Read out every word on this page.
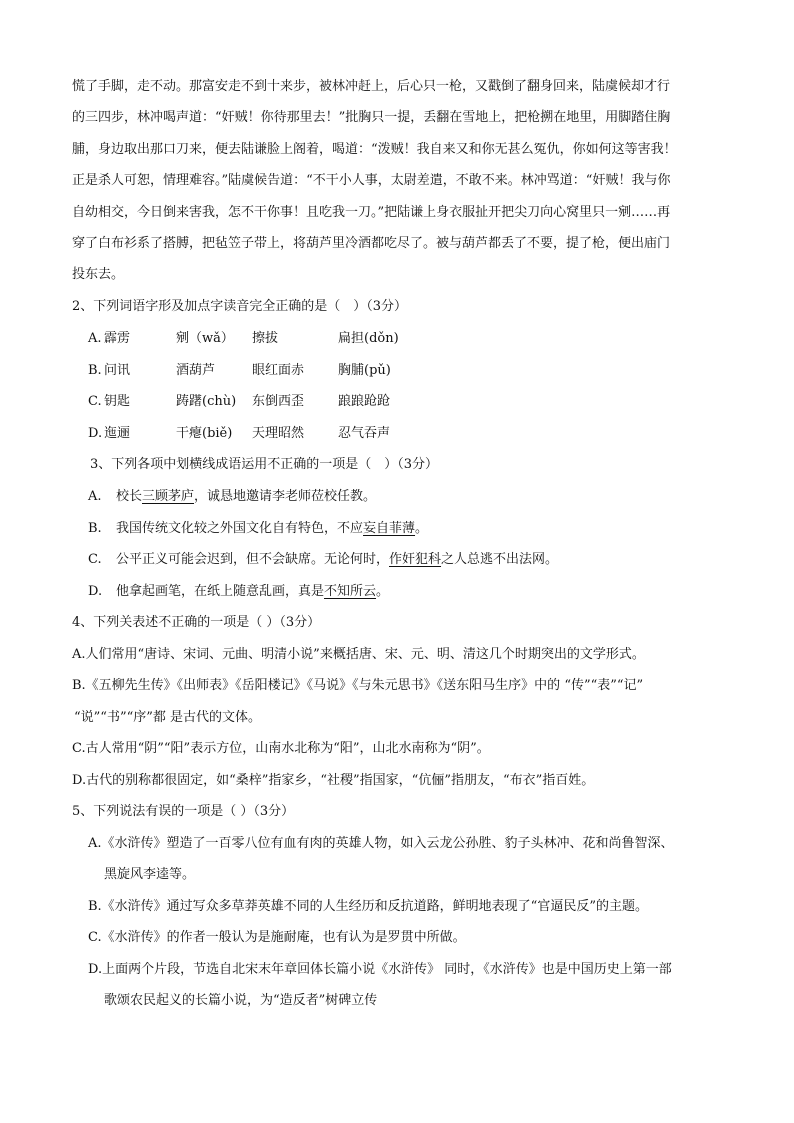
慌了手脚，走不动。那富安走不到十来步，被林冲赶上，后心只一枪，又戳倒了翻身回来，陆虞候却才行
的三四步，林冲喝声道：“奸贼！你待那里去！”批胸只一提，丢翻在雪地上，把枪搠在地里，用脚踏住胸
脯，身边取出那口刀来，便去陆谦脸上阁着，喝道：“泼贼！我自来又和你无甚么冤仇，你如何这等害我！
正是杀人可恕，情理难容。”陆虞候告道：“不干小人事，太尉差遣，不敢不来。林冲骂道：“奸贼！我与你
自幼相交，今日倒来害我，怎不干你事！且吃我一刀。”把陆谦上身衣服扯开把尖刀向心窝里只一剜……再
穿了白布衫系了搭膊，把毡笠子带上，将葫芦里冷酒都吃尽了。被与葫芦都丢了不要，提了枪，便出庙门
投东去。
2、下列词语字形及加点字读音完全正确的是（　）（3分）
A. 霹雳	剜（wǎ） 擦拔	扁担(dǒn)
B. 问讯	酒葫芦	眼红面赤	胸脯(pǔ)
C. 钥匙	踌躇(chù) 东倒西歪	踉踉跄跄
D. 迤逦	干瘪(biě) 天理昭然	忍气吞声
3、下列各项中划横线成语运用不正确的一项是（　）（3分）
A. 校长三顾茅庐，诚恳地邀请李老师莅校任教。
B. 我国传统文化较之外国文化自有特色，不应妄自菲薄。
C. 公平正义可能会迟到，但不会缺席。无论何时，作奸犯科之人总逃不出法网。
D. 他拿起画笔，在纸上随意乱画，真是不知所云。
4、下列关表述不正确的一项是（ ）（3分）
A.人们常用“唐诗、宋词、元曲、明清小说”来概括唐、宋、元、明、清这几个时期突出的文学形式。
B.《五柳先生传》《出师表》《岳阳楼记》《马说》《与朱元思书》《送东阳马生序》中的 “传”“表”“记”
“说”“书”“序”都 是古代的文体。
C.古人常用“阴”“阳”表示方位，山南水北称为“阳”，山北水南称为“阴”。
D.古代的别称都很固定，如“桑梓”指家乡，“社稷”指国家，“伉俪”指朋友，“布衣”指百姓。
5、下列说法有误的一项是（ ）（3分）
A.《水浒传》塑造了一百零八位有血有肉的英雄人物，如入云龙公孙胜、豹子头林冲、花和尚鲁智深、
黑旋风李逵等。
B.《水浒传》通过写众多草莽英雄不同的人生经历和反抗道路，鲜明地表现了“官逼民反”的主题。
C.《水浒传》的作者一般认为是施耐庵，也有认为是罗贯中所做。
D.上面两个片段，节选自北宋末年章回体长篇小说《水浒传》 同时，《水浒传》也是中国历史上第一部
歌颂农民起义的长篇小说，为“造反者”树碑立传
